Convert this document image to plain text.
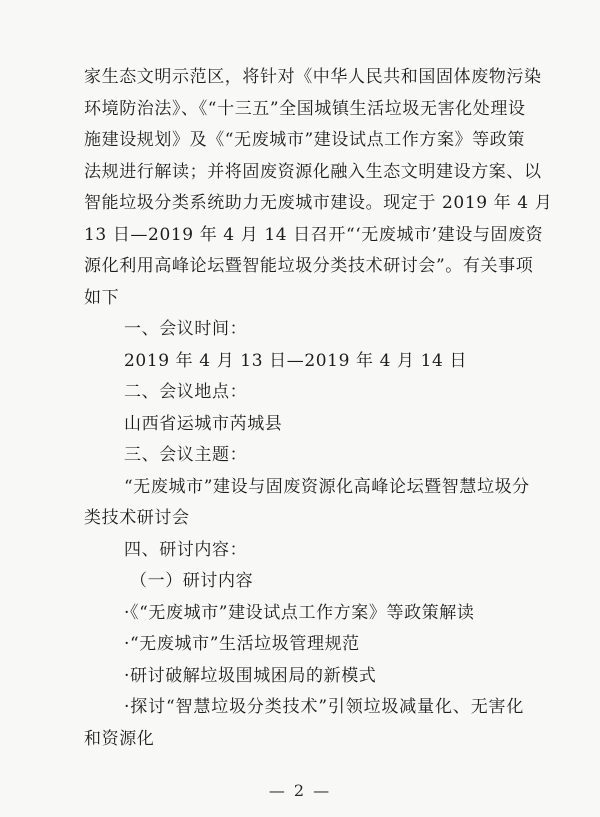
家生态文明示范区，将针对《中华人民共和国固体废物污染
环境防治法》、《“十三五”全国城镇生活垃圾无害化处理设
施建设规划》及《“无废城市”建设试点工作方案》等政策
法规进行解读；并将固废资源化融入生态文明建设方案、以
智能垃圾分类系统助力无废城市建设。现定于 2019 年 4 月
13 日—2019 年 4 月 14 日召开“‘无废城市’建设与固废资
源化利用高峰论坛暨智能垃圾分类技术研讨会”。有关事项
如下
一、会议时间：
2019 年 4 月 13 日—2019 年 4 月 14 日
二、会议地点：
山西省运城市芮城县
三、会议主题：
“无废城市”建设与固废资源化高峰论坛暨智慧垃圾分
类技术研讨会
四、研讨内容：
（一）研讨内容
·《“无废城市”建设试点工作方案》等政策解读
·“无废城市”生活垃圾管理规范
·研讨破解垃圾围城困局的新模式
·探讨“智慧垃圾分类技术”引领垃圾减量化、无害化
和资源化
— 2 —
